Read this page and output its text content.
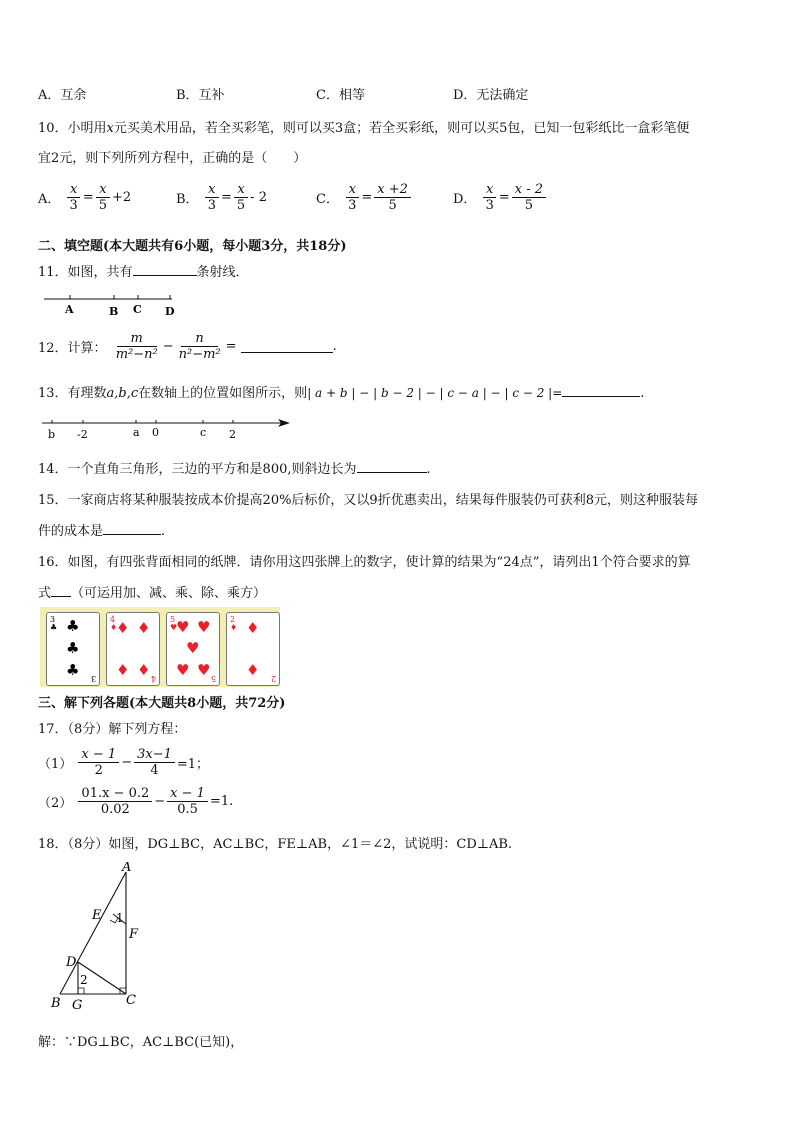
A．互余	B．互补	C．相等	D．无法确定
10．小明用x元买美术用品，若全买彩笔，则可以买3盒；若全买彩纸，则可以买5包，已知一包彩纸比一盒彩笔便
宜2元，则下列所列方程中，正确的是（　　）
A． $\frac{x}{3} = \frac{x}{5} +2$	B． $\frac{x}{3} = \frac{x}{5} - 2$	C． $\frac{x}{3} = \frac{x +2}{5}$	D． $\frac{x}{3} = \frac{x - 2}{5}$
二、填空题(本大题共有6小题，每小题3分，共18分)
11．如图，共有	条射线．
A	B C D
12．计算： $\frac{m}{\text{m²−n²}} - \frac{n}{\text{n²−m²}}$ =	.
13．有理数a,b,c在数轴上的位置如图所示，则| a + b | − | b − 2 | − | c − a | − | c − 2 |=	.
b -2	a 0	c 2
14．一个直角三角形，三边的平方和是800,则斜边长为	.
15．一家商店将某种服装按成本价提高20%后标价，又以9折优惠卖出，结果每件服装仍可获利8元，则这种服装每
件的成本是	.
16．如图，有四张背面相同的纸牌．请你用这四张牌上的数字，使计算的结果为“24点”，请列出1个符合要求的算
式 （可运用加、减、乘、除、乘方）
3
♣ ♣
♣
♣ 3
4
♦
♦ ♦
♦ ♦ 4
5
♥
♥ ♥
♥
♥ ♥ 5
2
♦ ♦
♦ 2
三、解下列各题(本大题共8小题，共72分)
17．（8分）解下列方程：
$(1) \frac{x - 1}{2} - \frac{3x-1}{4} =1$；
$(2) \frac{01.x - 0.2}{0.02} - \frac{x - 1}{0.5} =1$.
18．（8分）如图，DG⊥BC，AC⊥BC，FE⊥AB，∠1＝∠2，试说明：CD⊥AB.
A
E 1
F
D
2
B G	C
解：∵DG⊥BC，AC⊥BC(已知)，
